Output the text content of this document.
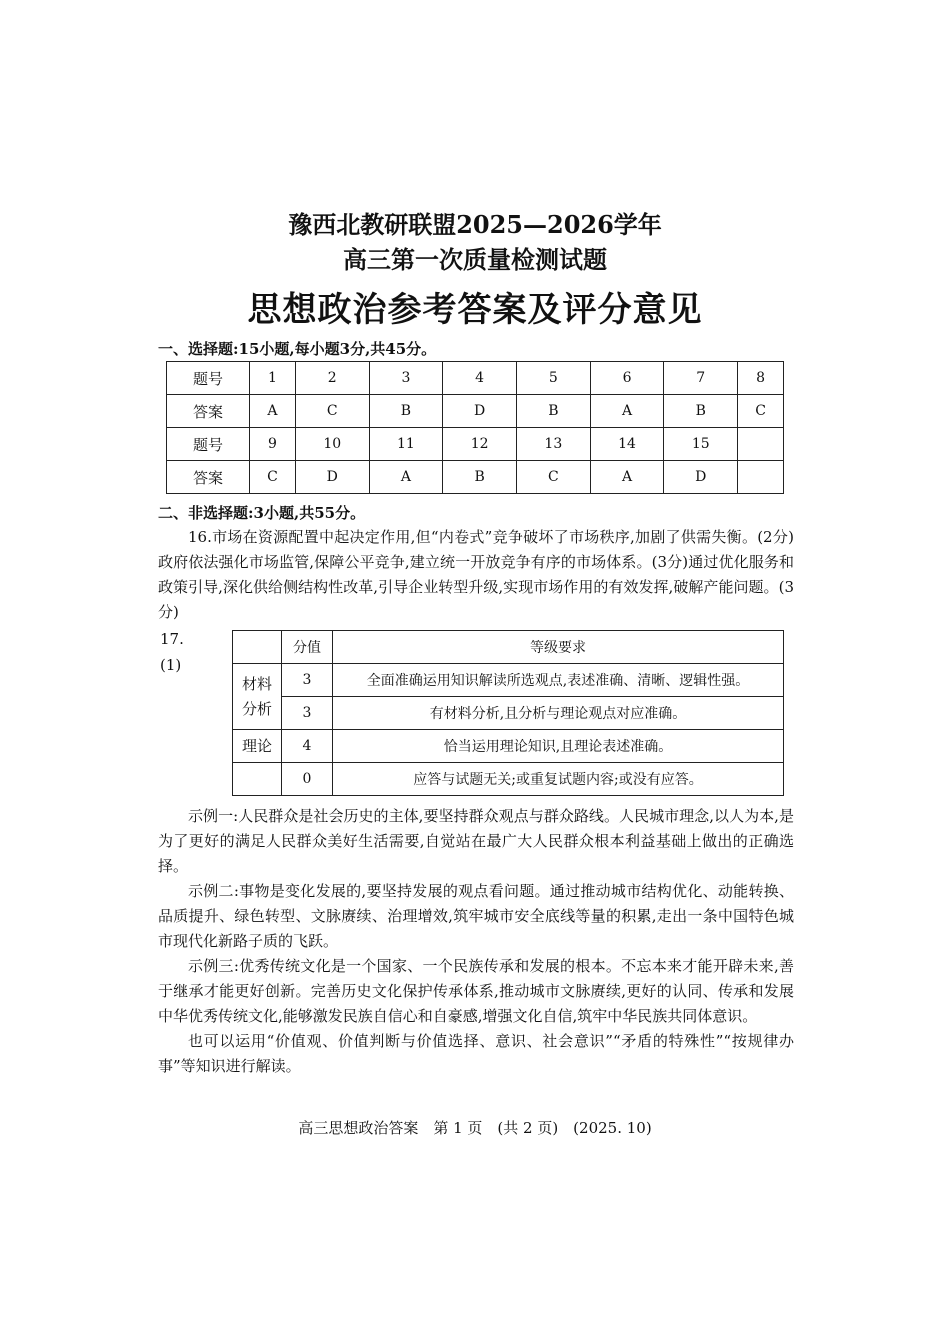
豫西北教研联盟2025—2026学年
高三第一次质量检测试题
思想政治参考答案及评分意见
一、选择题:15小题,每小题3分,共45分。
题号	1	2	3	4	5	6	7	8
答案	A	C	B	D	B	A	B	C
题号	9	10	11	12	13	14	15	
答案	C	D	A	B	C	A	D	
二、非选择题:3小题,共55分。

16.市场在资源配置中起决定作用,但“内卷式”竞争破坏了市场秩序,加剧了供需失衡。(2分)政府依法强化市场监管,保障公平竞争,建立统一开放竞争有序的市场体系。(3分)通过优化服务和政策引导,深化供给侧结构性改革,引导企业转型升级,实现市场作用的有效发挥,破解产能问题。(3分)

17.
(1)
	分值	等级要求
材料分析	3	全面准确运用知识解读所选观点,表述准确、清晰、逻辑性强。
	3	有材料分析,且分析与理论观点对应准确。
理论	4	恰当运用理论知识,且理论表述准确。
	0	应答与试题无关;或重复试题内容;或没有应答。

示例一:人民群众是社会历史的主体,要坚持群众观点与群众路线。人民城市理念,以人为本,是为了更好的满足人民群众美好生活需要,自觉站在最广大人民群众根本利益基础上做出的正确选择。

示例二:事物是变化发展的,要坚持发展的观点看问题。通过推动城市结构优化、动能转换、品质提升、绿色转型、文脉赓续、治理增效,筑牢城市安全底线等量的积累,走出一条中国特色城市现代化新路子质的飞跃。

示例三:优秀传统文化是一个国家、一个民族传承和发展的根本。不忘本来才能开辟未来,善于继承才能更好创新。完善历史文化保护传承体系,推动城市文脉赓续,更好的认同、传承和发展中华优秀传统文化,能够激发民族自信心和自豪感,增强文化自信,筑牢中华民族共同体意识。

也可以运用“价值观、价值判断与价值选择、意识、社会意识”“矛盾的特殊性”“按规律办事”等知识进行解读。

高三思想政治答案　第 1 页　(共 2 页)　(2025. 10)
